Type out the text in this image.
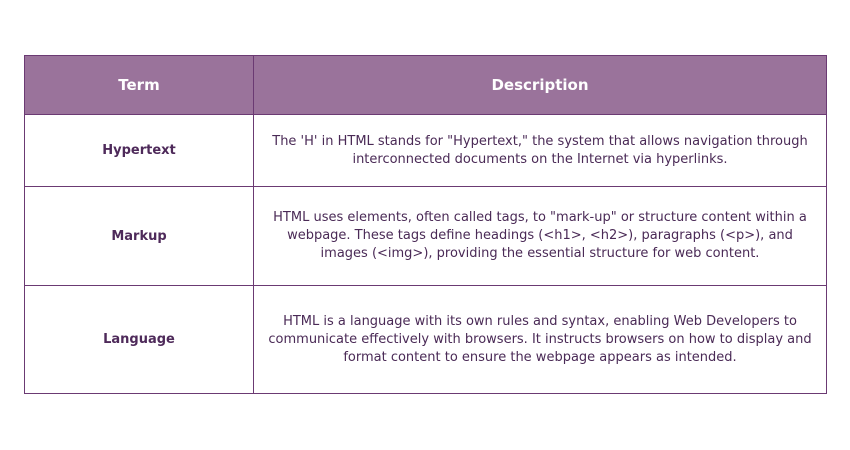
Term	Description
Hypertext	The 'H' in HTML stands for "Hypertext," the system that allows navigation through interconnected documents on the Internet via hyperlinks.
Markup	HTML uses elements, often called tags, to "mark-up" or structure content within a webpage. These tags define headings (<h1>, <h2>), paragraphs (<p>), and images (<img>), providing the essential structure for web content.
Language	HTML is a language with its own rules and syntax, enabling Web Developers to communicate effectively with browsers. It instructs browsers on how to display and format content to ensure the webpage appears as intended.
